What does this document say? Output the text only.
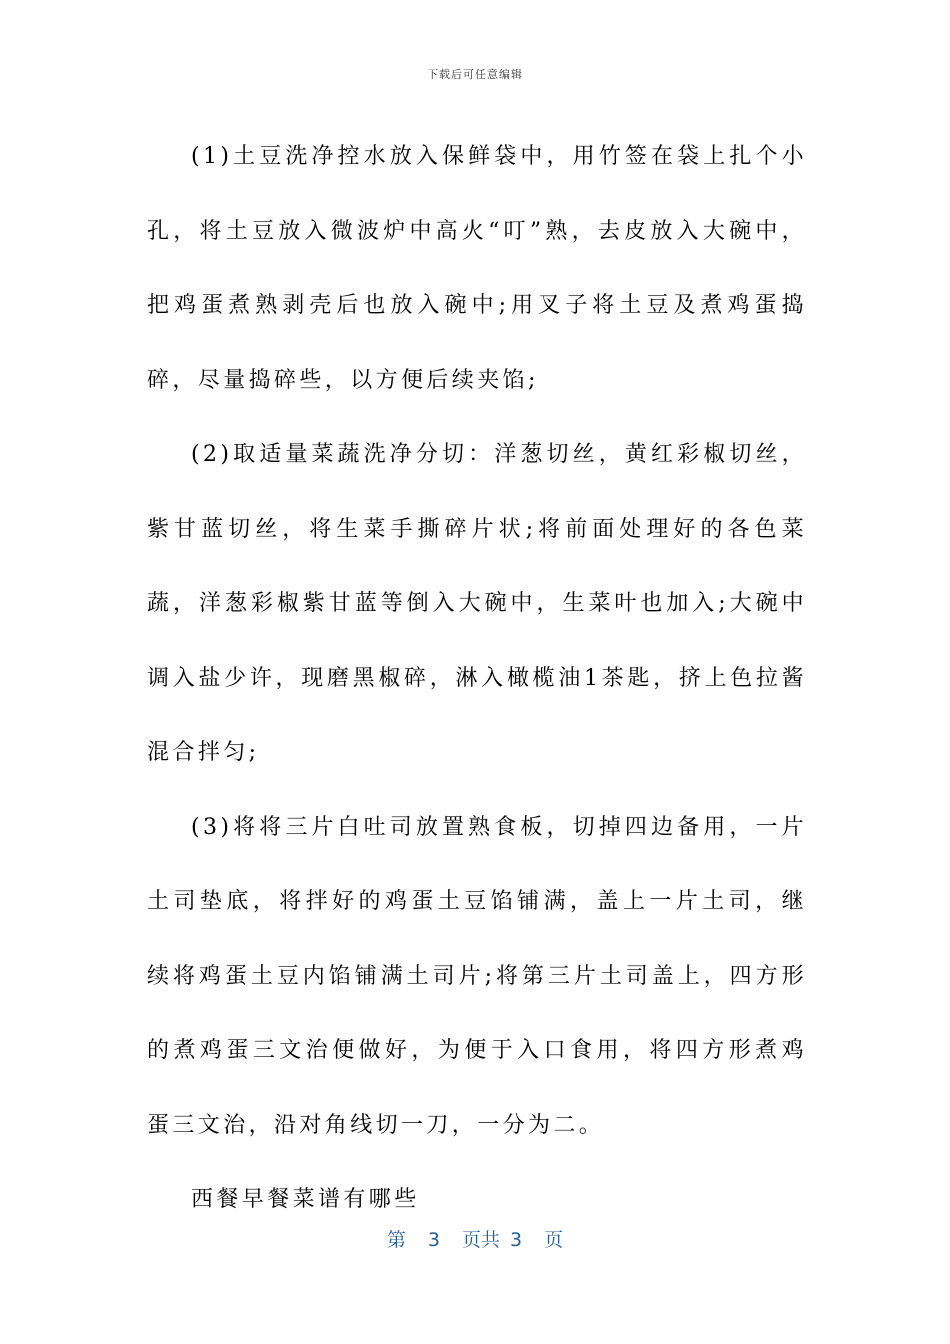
下载后可任意编辑

(1)土豆洗净控水放入保鲜袋中，用竹签在袋上扎个小孔，将土豆放入微波炉中高火“叮”熟，去皮放入大碗中，把鸡蛋煮熟剥壳后也放入碗中;用叉子将土豆及煮鸡蛋捣碎，尽量捣碎些，以方便后续夹馅;

(2)取适量菜蔬洗净分切：洋葱切丝，黄红彩椒切丝，紫甘蓝切丝，将生菜手撕碎片状;将前面处理好的各色菜蔬，洋葱彩椒紫甘蓝等倒入大碗中，生菜叶也加入;大碗中调入盐少许，现磨黑椒碎，淋入橄榄油1茶匙，挤上色拉酱混合拌匀;

(3)将将三片白吐司放置熟食板，切掉四边备用，一片土司垫底，将拌好的鸡蛋土豆馅铺满，盖上一片土司，继续将鸡蛋土豆内馅铺满土司片;将第三片土司盖上，四方形的煮鸡蛋三文治便做好，为便于入口食用，将四方形煮鸡蛋三文治，沿对角线切一刀，一分为二。

西餐早餐菜谱有哪些

第 3 页共 3 页
